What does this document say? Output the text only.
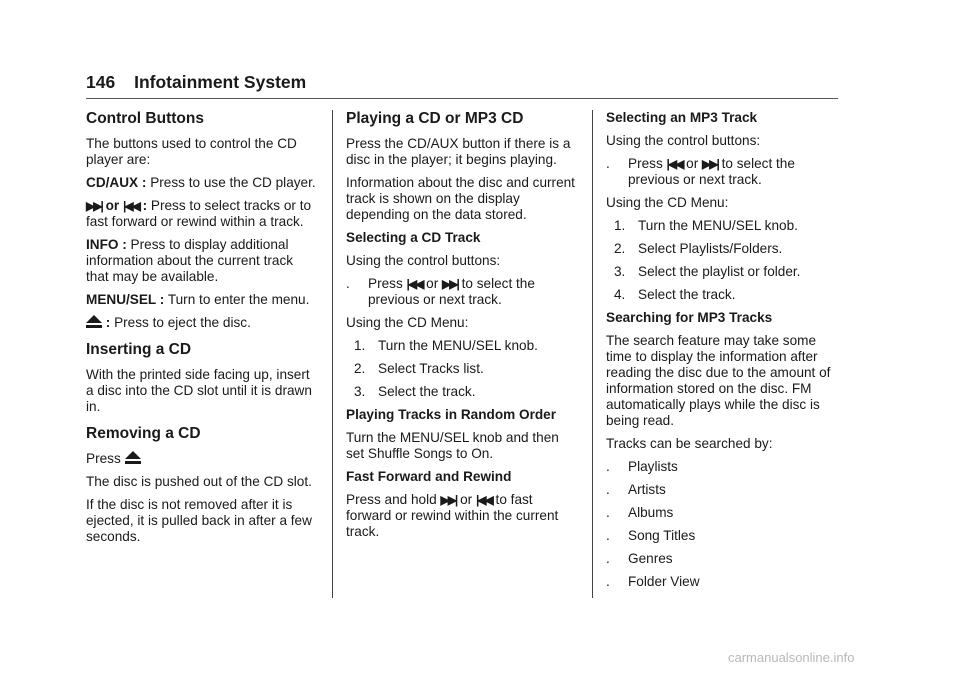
146 Infotainment System
Control Buttons

The buttons used to control the CD player are:

CD/AUX : Press to use the CD player.

▶▶| or |◀◀ : Press to select tracks or to fast forward or rewind within a track.

INFO : Press to display additional information about the current track that may be available.

MENU/SEL : Turn to enter the menu.

: Press to eject the disc.

Inserting a CD

With the printed side facing up, insert a disc into the CD slot until it is drawn in.

Removing a CD

Press

The disc is pushed out of the CD slot.

If the disc is not removed after it is ejected, it is pulled back in after a few seconds.

Playing a CD or MP3 CD

Press the CD/AUX button if there is a disc in the player; it begins playing.

Information about the disc and current track is shown on the display depending on the data stored.

Selecting a CD Track

Using the control buttons:

. Press |◀◀ or ▶▶| to select the previous or next track.

Using the CD Menu:

1. Turn the MENU/SEL knob.
2. Select Tracks list.
3. Select the track.

Playing Tracks in Random Order

Turn the MENU/SEL knob and then set Shuffle Songs to On.

Fast Forward and Rewind

Press and hold ▶▶| or |◀◀ to fast forward or rewind within the current track.

Selecting an MP3 Track

Using the control buttons:

. Press |◀◀ or ▶▶| to select the previous or next track.

Using the CD Menu:

1. Turn the MENU/SEL knob.
2. Select Playlists/Folders.
3. Select the playlist or folder.
4. Select the track.

Searching for MP3 Tracks

The search feature may take some time to display the information after reading the disc due to the amount of information stored on the disc. FM automatically plays while the disc is being read.

Tracks can be searched by:

. Playlists
. Artists
. Albums
. Song Titles
. Genres
. Folder View
carmanualsonline.info
